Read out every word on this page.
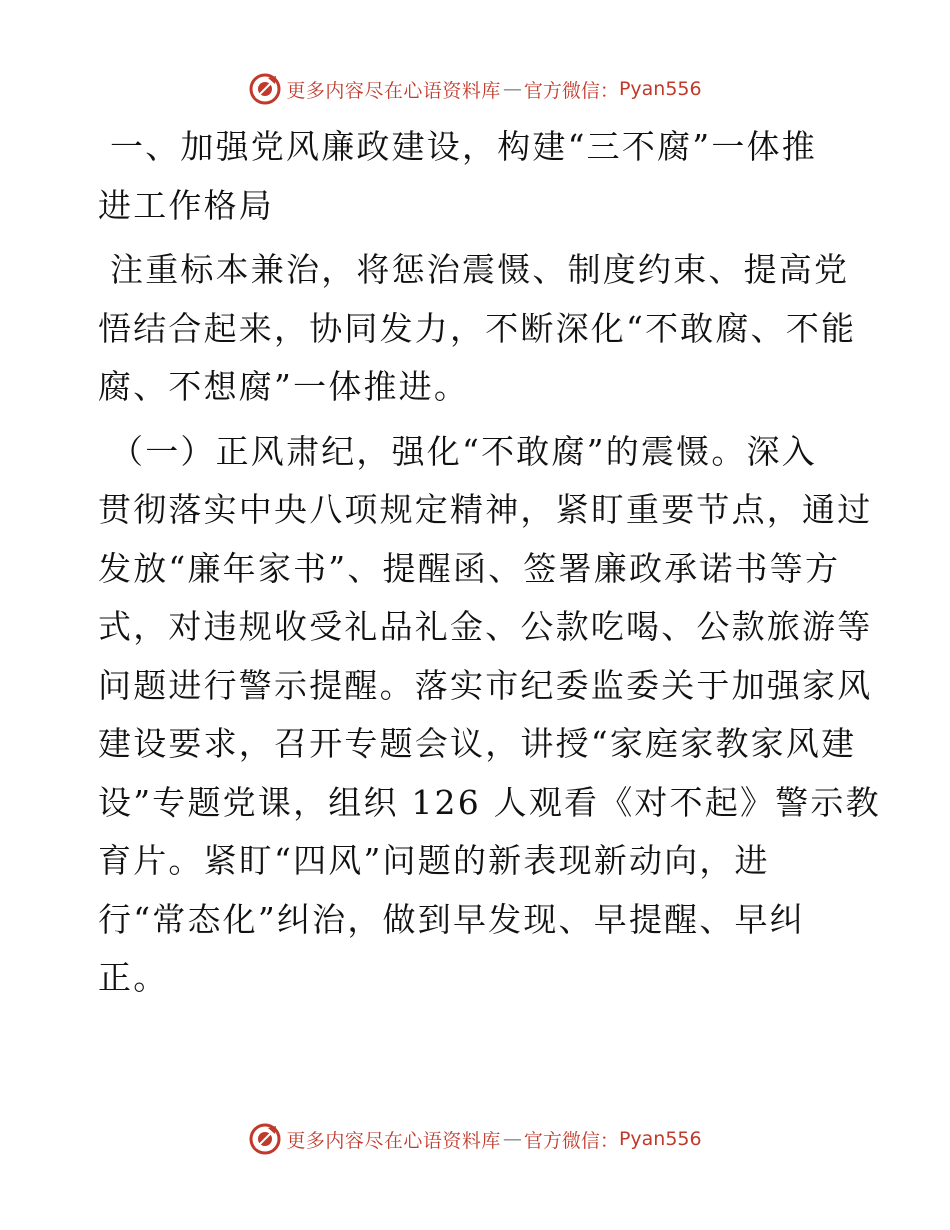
更多内容尽在心语资料库 — 官方微信： Pyan556

一、加强党风廉政建设，构建“三不腐”一体推
进工作格局

注重标本兼治，将惩治震慑、制度约束、提高党
悟结合起来，协同发力，不断深化“不敢腐、不能
腐、不想腐”一体推进。

（一）正风肃纪，强化“不敢腐”的震慑。深入
贯彻落实中央八项规定精神，紧盯重要节点，通过
发放“廉年家书”、提醒函、签署廉政承诺书等方
式，对违规收受礼品礼金、公款吃喝、公款旅游等
问题进行警示提醒。落实市纪委监委关于加强家风
建设要求，召开专题会议，讲授“家庭家教家风建
设”专题党课，组织 126 人观看《对不起》警示教
育片。紧盯“四风”问题的新表现新动向，进
行“常态化”纠治，做到早发现、早提醒、早纠
正。

更多内容尽在心语资料库 — 官方微信： Pyan556
